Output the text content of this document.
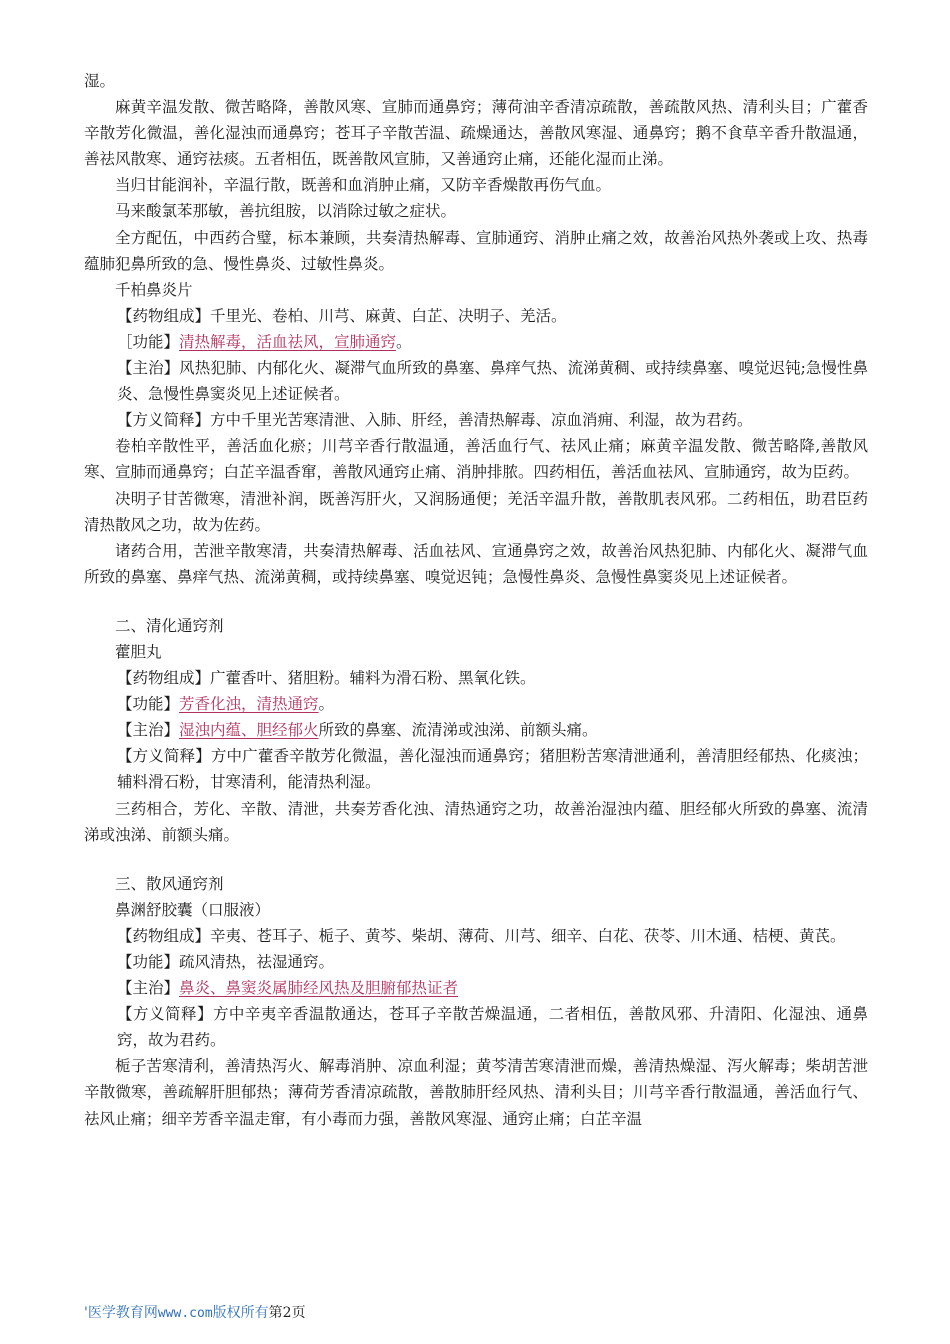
湿。

麻黄辛温发散、微苦略降，善散风寒、宣肺而通鼻窍；薄荷油辛香清凉疏散，善疏散风热、清利头目；广藿香辛散芳化微温，善化湿浊而通鼻窍；苍耳子辛散苦温、疏燥通达，善散风寒湿、通鼻窍；鹅不食草辛香升散温通，善祛风散寒、通窍祛痰。五者相伍，既善散风宣肺，又善通窍止痛，还能化湿而止涕。

当归甘能润补，辛温行散，既善和血消肿止痛，又防辛香燥散再伤气血。

马来酸氯苯那敏，善抗组胺，以消除过敏之症状。

全方配伍，中西药合璧，标本兼顾，共奏清热解毒、宣肺通窍、消肿止痛之效，故善治风热外袭或上攻、热毒蕴肺犯鼻所致的急、慢性鼻炎、过敏性鼻炎。

千柏鼻炎片

【药物组成】千里光、卷柏、川芎、麻黄、白芷、决明子、羌活。

［功能】清热解毒，活血祛风，宣肺通窍。

【主治】风热犯肺、内郁化火、凝滞气血所致的鼻塞、鼻痒气热、流涕黄稠、或持续鼻塞、嗅觉迟钝;急慢性鼻炎、急慢性鼻窦炎见上述证候者。

【方义简释】方中千里光苦寒清泄、入肺、肝经，善清热解毒、凉血消痈、利湿，故为君药。

卷柏辛散性平，善活血化瘀；川芎辛香行散温通，善活血行气、祛风止痛；麻黄辛温发散、微苦略降,善散风寒、宣肺而通鼻窍；白芷辛温香窜，善散风通窍止痛、消肿排脓。四药相伍，善活血祛风、宣肺通窍，故为臣药。

决明子甘苦微寒，清泄补润，既善泻肝火，又润肠通便；羌活辛温升散，善散肌表风邪。二药相伍，助君臣药清热散风之功，故为佐药。

诸药合用，苦泄辛散寒清，共奏清热解毒、活血祛风、宣通鼻窍之效，故善治风热犯肺、内郁化火、凝滞气血所致的鼻塞、鼻痒气热、流涕黄稠，或持续鼻塞、嗅觉迟钝；急慢性鼻炎、急慢性鼻窦炎见上述证候者。

二、清化通窍剂

藿胆丸

【药物组成】广藿香叶、猪胆粉。辅料为滑石粉、黑氧化铁。

【功能】芳香化浊，清热通窍。

【主治】湿浊内蕴、胆经郁火所致的鼻塞、流清涕或浊涕、前额头痛。

【方义简释】方中广藿香辛散芳化微温，善化湿浊而通鼻窍；猪胆粉苦寒清泄通利，善清胆经郁热、化痰浊；辅料滑石粉，甘寒清利，能清热利湿。

三药相合，芳化、辛散、清泄，共奏芳香化浊、清热通窍之功，故善治湿浊内蕴、胆经郁火所致的鼻塞、流清涕或浊涕、前额头痛。

三、散风通窍剂

鼻渊舒胶囊（口服液）

【药物组成】辛夷、苍耳子、栀子、黄芩、柴胡、薄荷、川芎、细辛、白花、茯苓、川木通、桔梗、黄芪。

【功能】疏风清热，祛湿通窍。

【主治】鼻炎、鼻窦炎属肺经风热及胆腑郁热证者

【方义简释】方中辛夷辛香温散通达，苍耳子辛散苦燥温通，二者相伍，善散风邪、升清阳、化湿浊、通鼻窍，故为君药。

栀子苦寒清利，善清热泻火、解毒消肿、凉血利湿；黄芩清苦寒清泄而燥，善清热燥湿、泻火解毒；柴胡苦泄辛散微寒，善疏解肝胆郁热；薄荷芳香清凉疏散，善散肺肝经风热、清利头目；川芎辛香行散温通，善活血行气、祛风止痛；细辛芳香辛温走窜，有小毒而力强，善散风寒湿、通窍止痛；白芷辛温

'医学教育网www.com版权所有第2页
